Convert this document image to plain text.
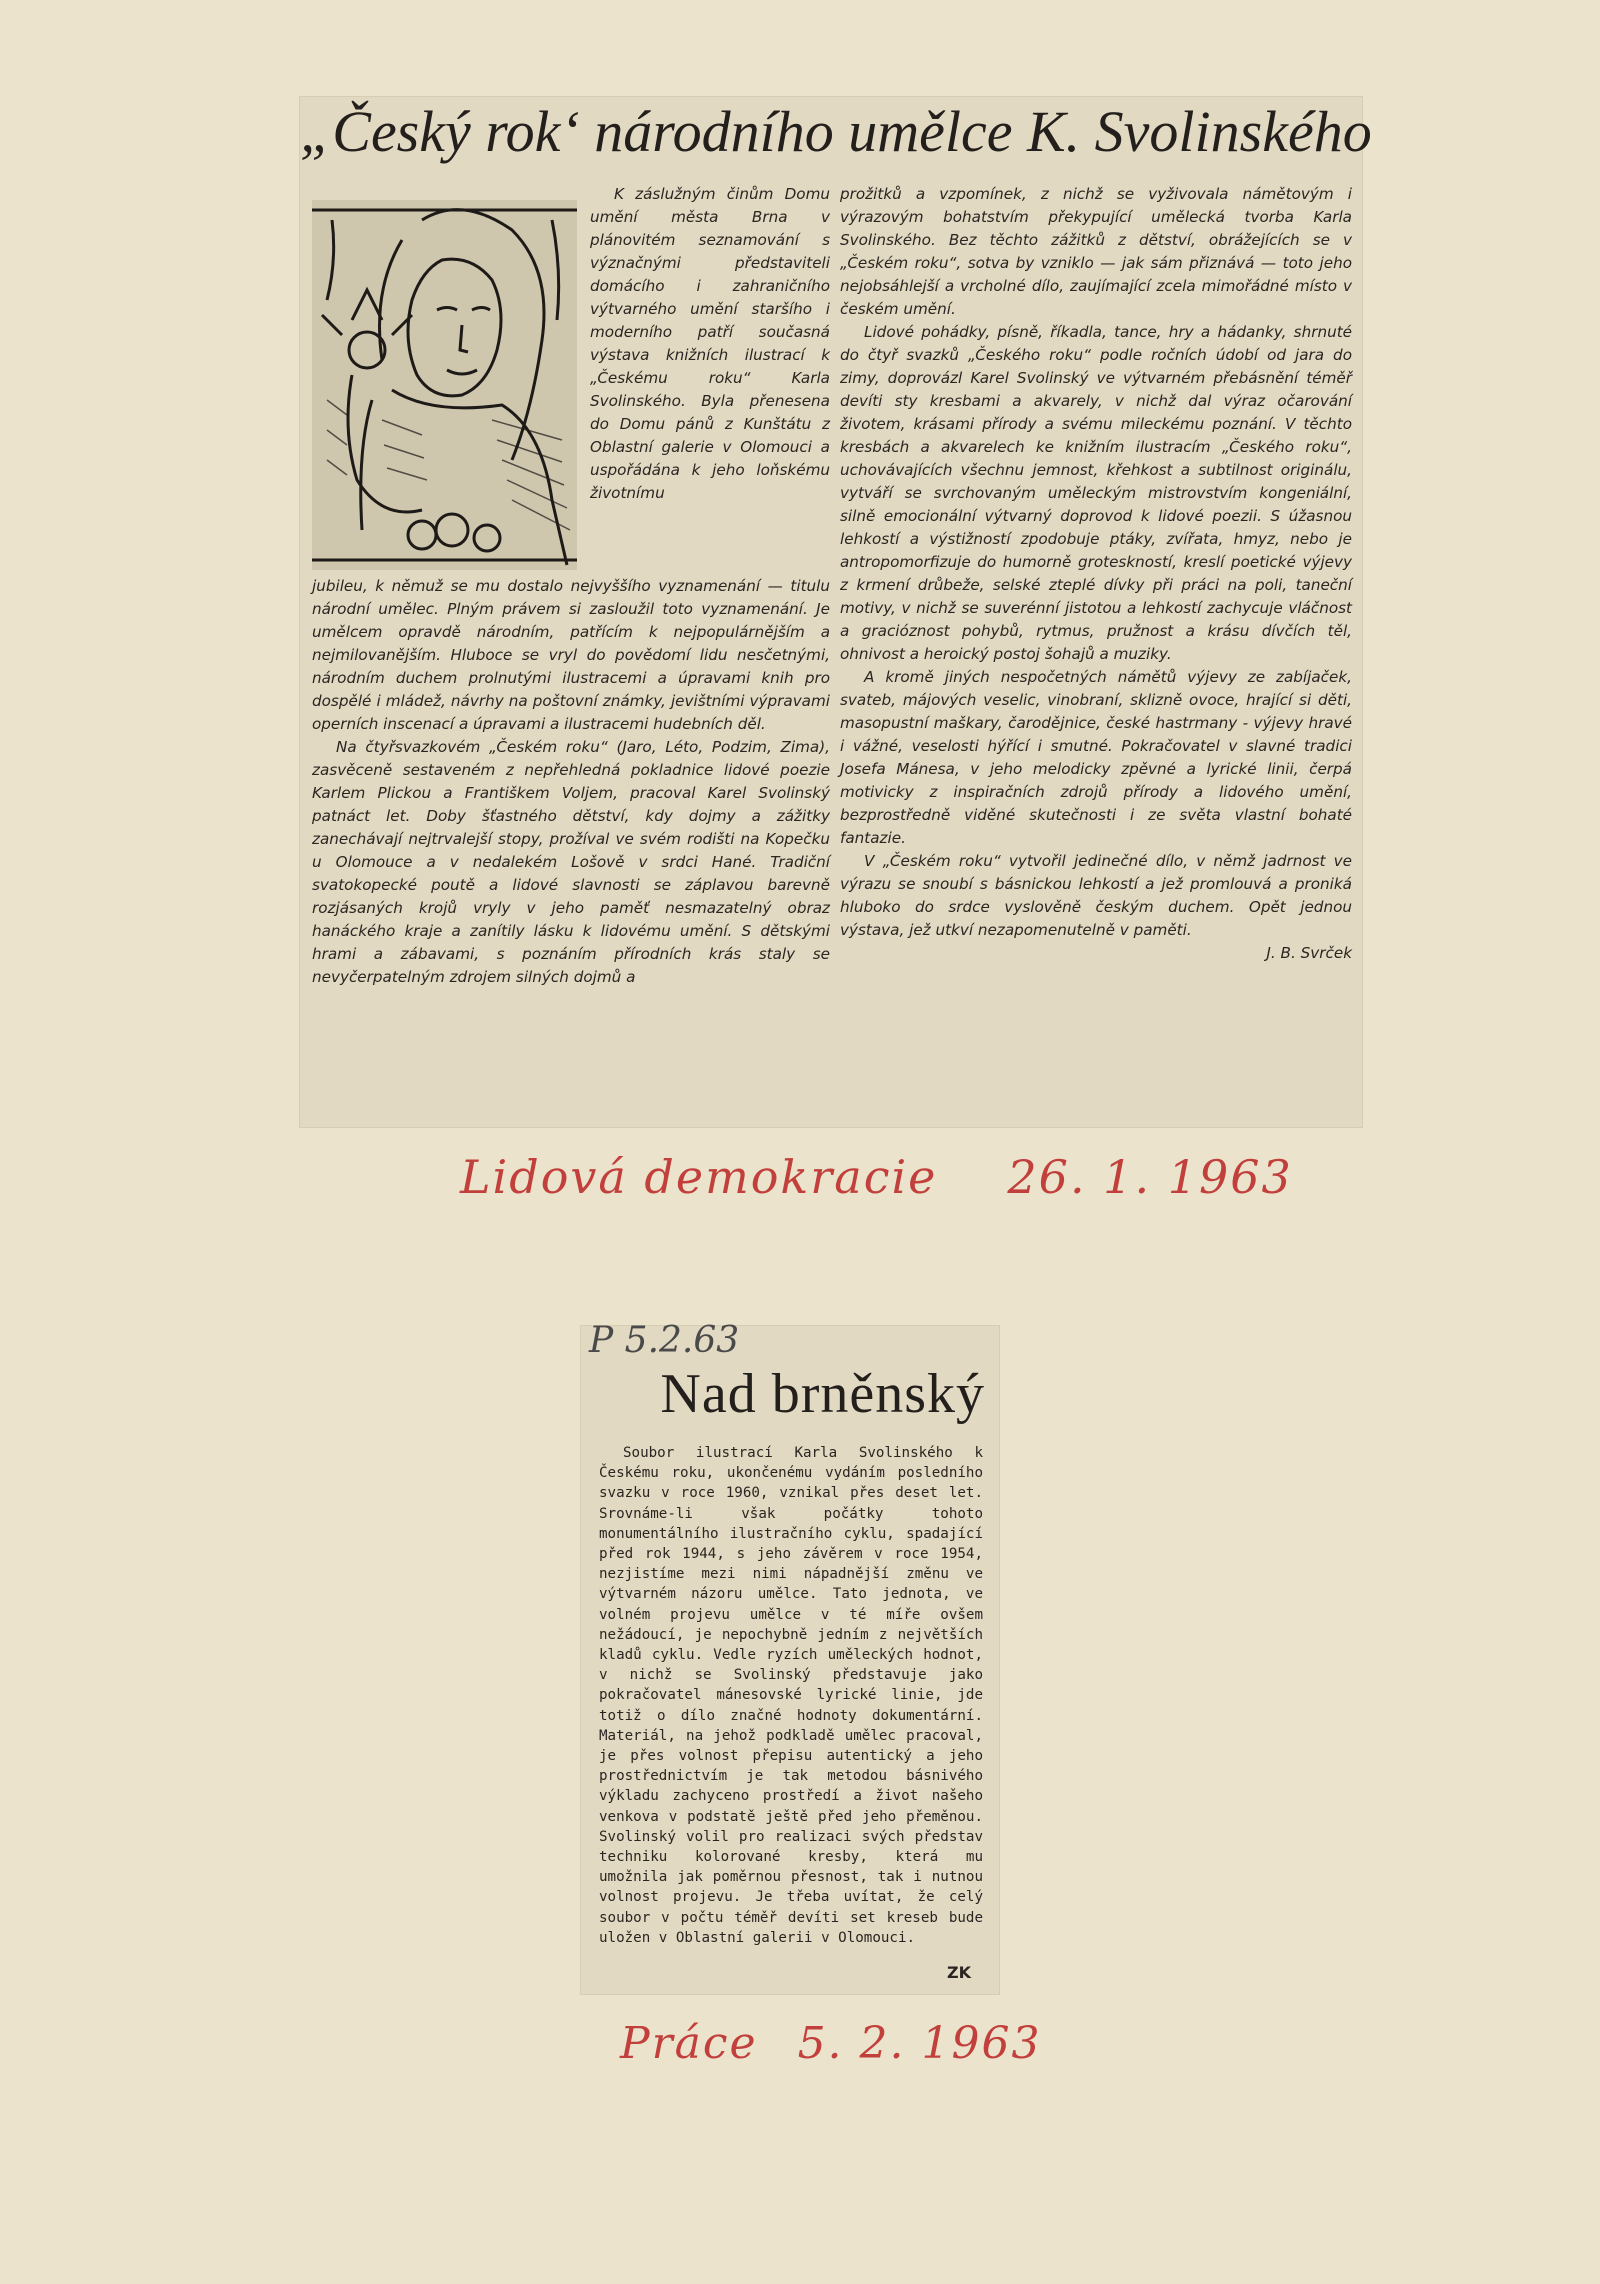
„Český rok‘ národního umělce K. Svolinského

K záslužným činům Domu umění města Brna v plánovitém seznamování s význačnými představiteli domácího i zahraničního výtvarného umění staršího i moderního patří současná výstava knižních ilustrací k „Českému roku“ Karla Svolinského. Byla přenesena do Domu pánů z Kunštátu z Oblastní galerie v Olomouci a uspořádána k jeho loňskému životnímu

jubileu, k němuž se mu dostalo nejvyššího vyznamenání — titulu národní umělec. Plným právem si zasloužil toto vyznamenání. Je umělcem opravdě národním, patřícím k nejpopulárnějším a nejmilovanějším. Hluboce se vryl do povědomí lidu nesčetnými, národním duchem prolnutými ilustracemi a úpravami knih pro dospělé i mládež, návrhy na poštovní známky, jevištními výpravami operních inscenací a úpravami a ilustracemi hudebních děl.

Na čtyřsvazkovém „Českém roku“ (Jaro, Léto, Podzim, Zima), zasvěceně sestaveném z nepřehledná pokladnice lidové poezie Karlem Plickou a Františkem Voljem, pracoval Karel Svolinský patnáct let. Doby šťastného dětství, kdy dojmy a zážitky zanechávají nejtrvalejší stopy, prožíval ve svém rodišti na Kopečku u Olomouce a v nedalekém Lošově v srdci Hané. Tradiční svatokopecké poutě a lidové slavnosti se záplavou barevně rozjásaných krojů vryly v jeho paměť nesmazatelný obraz hanáckého kraje a zanítily lásku k lidovému umění. S dětskými hrami a zábavami, s poznáním přírodních krás staly se nevyčerpatelným zdrojem silných dojmů a

prožitků a vzpomínek, z nichž se vyživovala námětovým i výrazovým bohatstvím překypující umělecká tvorba Karla Svolinského. Bez těchto zážitků z dětství, obrážejících se v „Českém roku“, sotva by vzniklo — jak sám přiznává — toto jeho nejobsáhlejší a vrcholné dílo, zaujímající zcela mimořádné místo v českém umění.

Lidové pohádky, písně, říkadla, tance, hry a hádanky, shrnuté do čtyř svazků „Českého roku“ podle ročních údobí od jara do zimy, doprovázl Karel Svolinský ve výtvarném přebásnění téměř devíti sty kresbami a akvarely, v nichž dal výraz očarování životem, krásami přírody a svému mileckému poznání. V těchto kresbách a akvarelech ke knižním ilustracím „Českého roku“, uchovávajících všechnu jemnost, křehkost a subtilnost originálu, vytváří se svrchovaným uměleckým mistrovstvím kongeniální, silně emocionální výtvarný doprovod k lidové poezii. S úžasnou lehkostí a výstižností zpodobuje ptáky, zvířata, hmyz, nebo je antropomorfizuje do humorně groteskností, kreslí poetické výjevy z krmení drůbeže, selské zteplé dívky při práci na poli, taneční motivy, v nichž se suverénní jistotou a lehkostí zachycuje vláčnost a gracióznost pohybů, rytmus, pružnost a krásu dívčích těl, ohnivost a heroický postoj šohajů a muziky.

A kromě jiných nespočetných námětů výjevy ze zabíjaček, svateb, májových veselic, vinobraní, sklizně ovoce, hrající si děti, masopustní maškary, čarodějnice, české hastrmany - výjevy hravé i vážné, veselosti hýřící i smutné. Pokračovatel v slavné tradici Josefa Mánesa, v jeho melodicky zpěvné a lyrické linii, čerpá motivicky z inspiračních zdrojů přírody a lidového umění, bezprostředně viděné skutečnosti i ze světa vlastní bohaté fantazie.

V „Českém roku“ vytvořil jedinečné dílo, v němž jadrnost ve výrazu se snoubí s básnickou lehkostí a jež promlouvá a proniká hluboko do srdce vyslověně českým duchem. Opět jednou výstava, jež utkví nezapomenutelně v paměti.

J. B. Svrček

Lidová demokracie 26. 1. 1963
P 5.2.63
Nad brněnský

Soubor ilustrací Karla Svolinského k Českému roku, ukončenému vydáním posledního svazku v roce 1960, vznikal přes deset let. Srovnáme-li však počátky tohoto monumentálního ilustračního cyklu, spadající před rok 1944, s jeho závěrem v roce 1954, nezjistíme mezi nimi nápadnější změnu ve výtvarném názoru umělce. Tato jednota, ve volném projevu umělce v té míře ovšem nežádoucí, je nepochybně jedním z největších kladů cyklu. Vedle ryzích uměleckých hodnot, v nichž se Svolinský představuje jako pokračovatel mánesovské lyrické linie, jde totiž o dílo značné hodnoty dokumentární. Materiál, na jehož podkladě umělec pracoval, je přes volnost přepisu autentický a jeho prostřednictvím je tak metodou básnivého výkladu zachyceno prostředí a život našeho venkova v podstatě ještě před jeho přeměnou. Svolinský volil pro realizaci svých představ techniku kolorované kresby, která mu umožnila jak poměrnou přesnost, tak i nutnou volnost projevu. Je třeba uvítat, že celý soubor v počtu téměř devíti set kreseb bude uložen v Oblastní galerii v Olomouci.

ZK
Práce 5. 2. 1963
